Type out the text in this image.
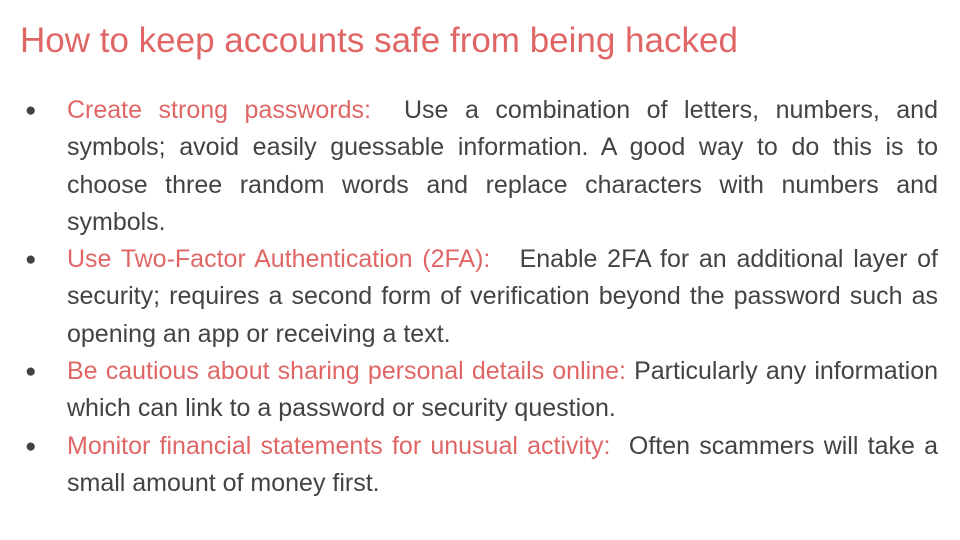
How to keep accounts safe from being hacked
● Create strong passwords: Use a combination of letters, numbers, and symbols; avoid easily guessable information. A good way to do this is to choose three random words and replace characters with numbers and symbols.
● Use Two-Factor Authentication (2FA): Enable 2FA for an additional layer of security; requires a second form of verification beyond the password such as opening an app or receiving a text.
● Be cautious about sharing personal details online: Particularly any information which can link to a password or security question.
● Monitor financial statements for unusual activity: Often scammers will take a small amount of money first.
